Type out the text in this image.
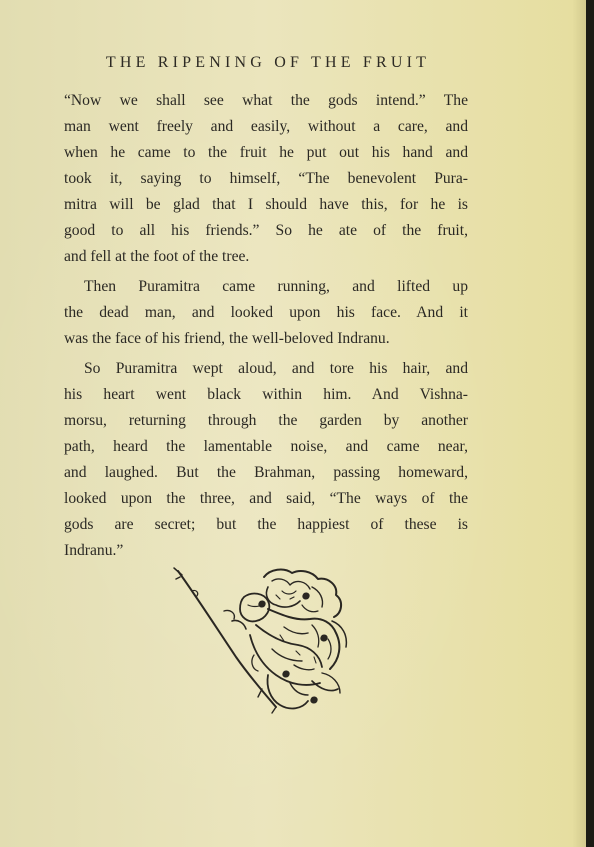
THE RIPENING OF THE FRUIT
“Now we shall see what the gods intend.” The
man went freely and easily, without a care, and
when he came to the fruit he put out his hand and
took it, saying to himself, “The benevolent Pura-
mitra will be glad that I should have this, for he is
good to all his friends.” So he ate of the fruit,
and fell at the foot of the tree.
Then Puramitra came running, and lifted up
the dead man, and looked upon his face. And it
was the face of his friend, the well-beloved Indranu.
So Puramitra wept aloud, and tore his hair, and
his heart went black within him. And Vishna-
morsu, returning through the garden by another
path, heard the lamentable noise, and came near,
and laughed. But the Brahman, passing homeward,
looked upon the three, and said, “The ways of the
gods are secret; but the happiest of these is
Indranu.”
